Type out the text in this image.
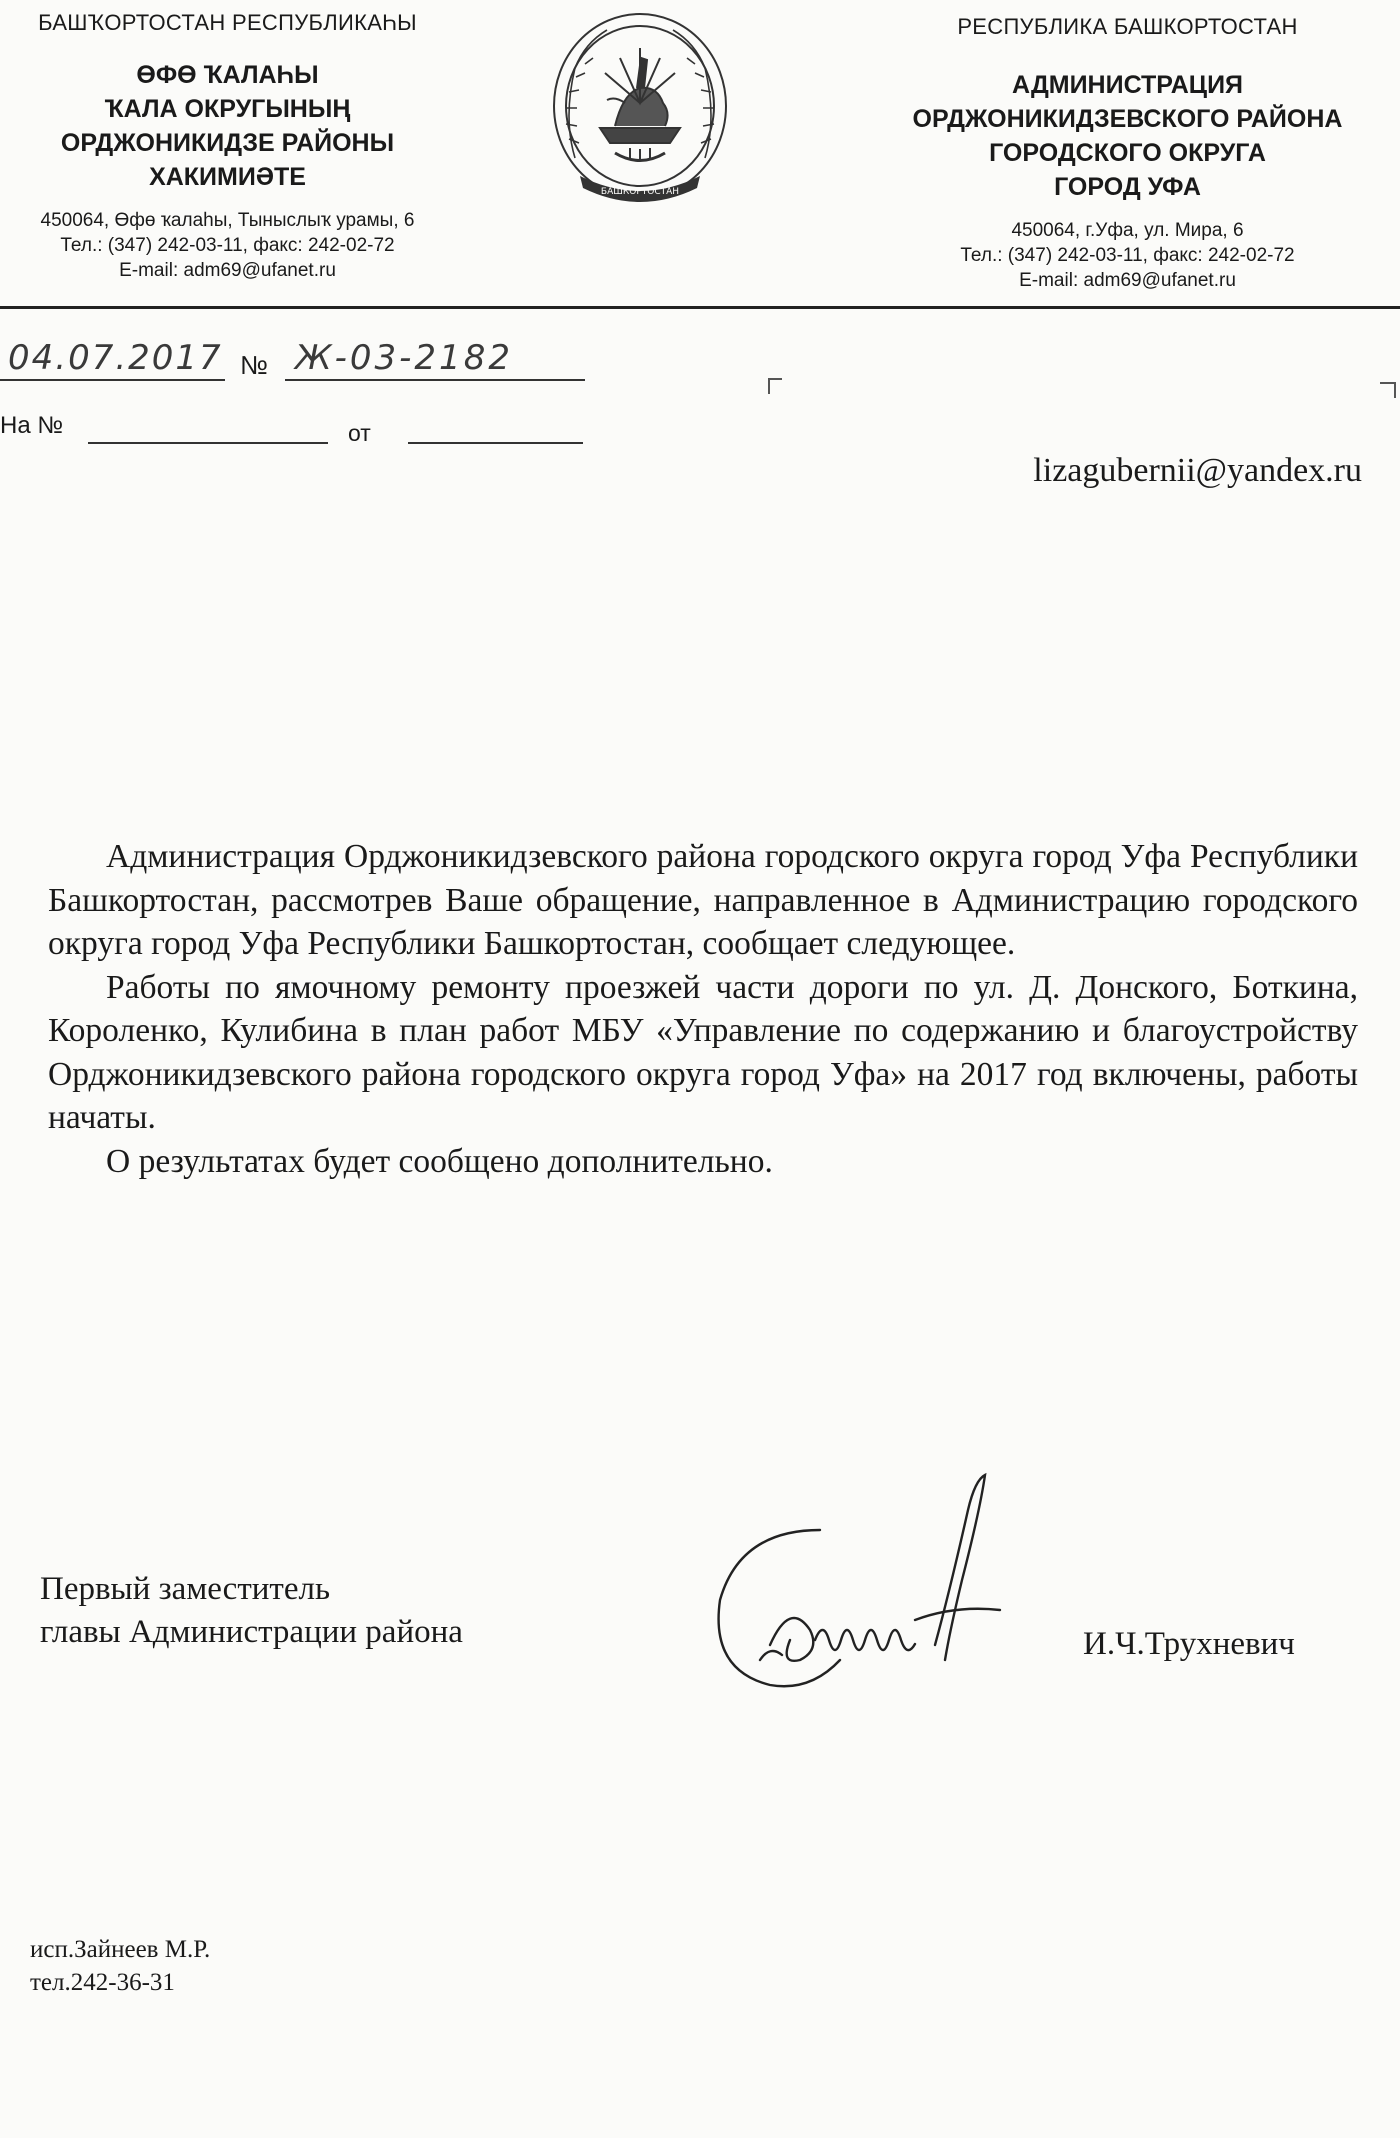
БАШҠОРТОСТАН РЕСПУБЛИКАҺЫ
ӨФӨ ҠАЛАҺЫ
ҠАЛА ОКРУГЫНЫҢ
ОРДЖОНИКИДЗЕ РАЙОНЫ
ХАКИМИӘТЕ
450064, Өфө ҡалаһы, Тыныслыҡ урамы, 6
Тел.: (347) 242-03-11, факс: 242-02-72
E-mail: adm69@ufanet.ru
БАШКОРТОСТАН
РЕСПУБЛИКА БАШКОРТОСТАН
АДМИНИСТРАЦИЯ
ОРДЖОНИКИДЗЕВСКОГО РАЙОНА
ГОРОДСКОГО ОКРУГА
ГОРОД УФА
450064, г.Уфа, ул. Мира, 6
Тел.: (347) 242-03-11, факс: 242-02-72
E-mail: adm69@ufanet.ru
04.07.2017 № Ж-03-2182
На №	от
lizagubernii@yandex.ru

Администрация Орджоникидзевского района городского округа город Уфа Республики Башкортостан, рассмотрев Ваше обращение, направленное в Администрацию городского округа город Уфа Республики Башкортостан, сообщает следующее.

Работы по ямочному ремонту проезжей части дороги по ул. Д. Донского, Боткина, Короленко, Кулибина в план работ МБУ «Управление по содержанию и благоустройству Орджоникидзевского района городского округа город Уфа» на 2017 год включены, работы начаты.

О результатах будет сообщено дополнительно.

Первый заместитель
главы Администрации района	И.Ч.Трухневич
исп.Зайнеев М.Р.
тел.242-36-31
